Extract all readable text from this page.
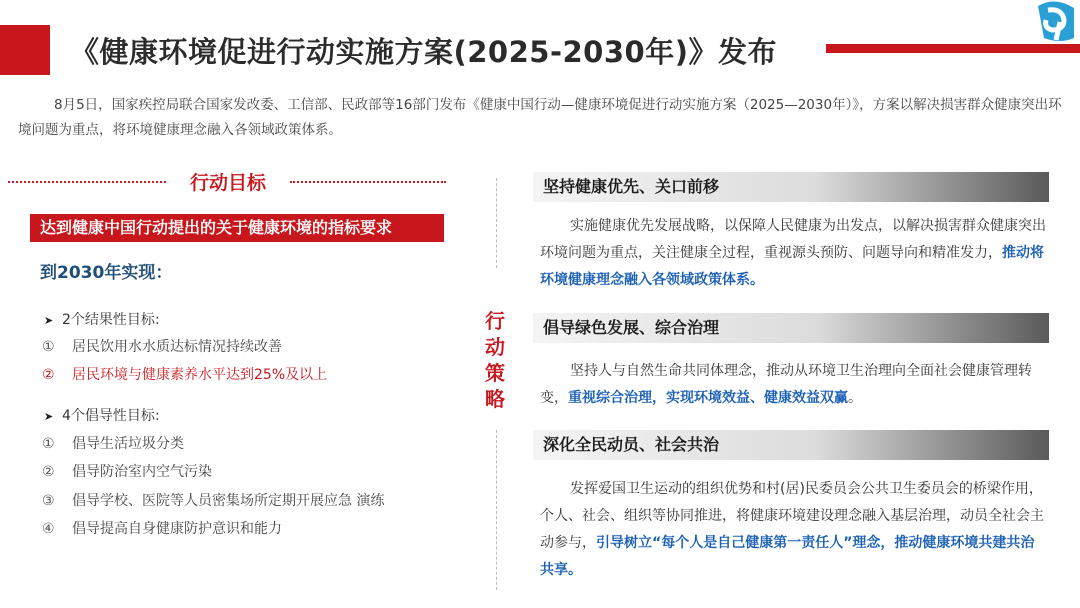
《健康环境促进行动实施方案(2025-2030年)》发布
8月5日，国家疾控局联合国家发改委、工信部、民政部等16部门发布《健康中国行动—健康环境促进行动实施方案（2025—2030年）》，方案以解决损害群众健康突出环境问题为重点，将环境健康理念融入各领域政策体系。
行动目标
达到健康中国行动提出的关于健康环境的指标要求
到2030年实现：
➤ 2个结果性目标:
① 居民饮用水水质达标情况持续改善
② 居民环境与健康素养水平达到25%及以上
➤ 4个倡导性目标:
① 倡导生活垃圾分类
② 倡导防治室内空气污染
③ 倡导学校、医院等人员密集场所定期开展应急 演练
④ 倡导提高自身健康防护意识和能力
行
动
策
略
坚持健康优先、关口前移
实施健康优先发展战略，以保障人民健康为出发点，以解决损害群众健康突出环境问题为重点，关注健康全过程，重视源头预防、问题导向和精准发力，推动将环境健康理念融入各领域政策体系。
倡导绿色发展、综合治理
坚持人与自然生命共同体理念，推动从环境卫生治理向全面社会健康管理转变，重视综合治理，实现环境效益、健康效益双赢。
深化全民动员、社会共治
发挥爱国卫生运动的组织优势和村(居)民委员会公共卫生委员会的桥梁作用，个人、社会、组织等协同推进，将健康环境建设理念融入基层治理，动员全社会主动参与，引导树立“每个人是自己健康第一责任人”理念，推动健康环境共建共治共享。
